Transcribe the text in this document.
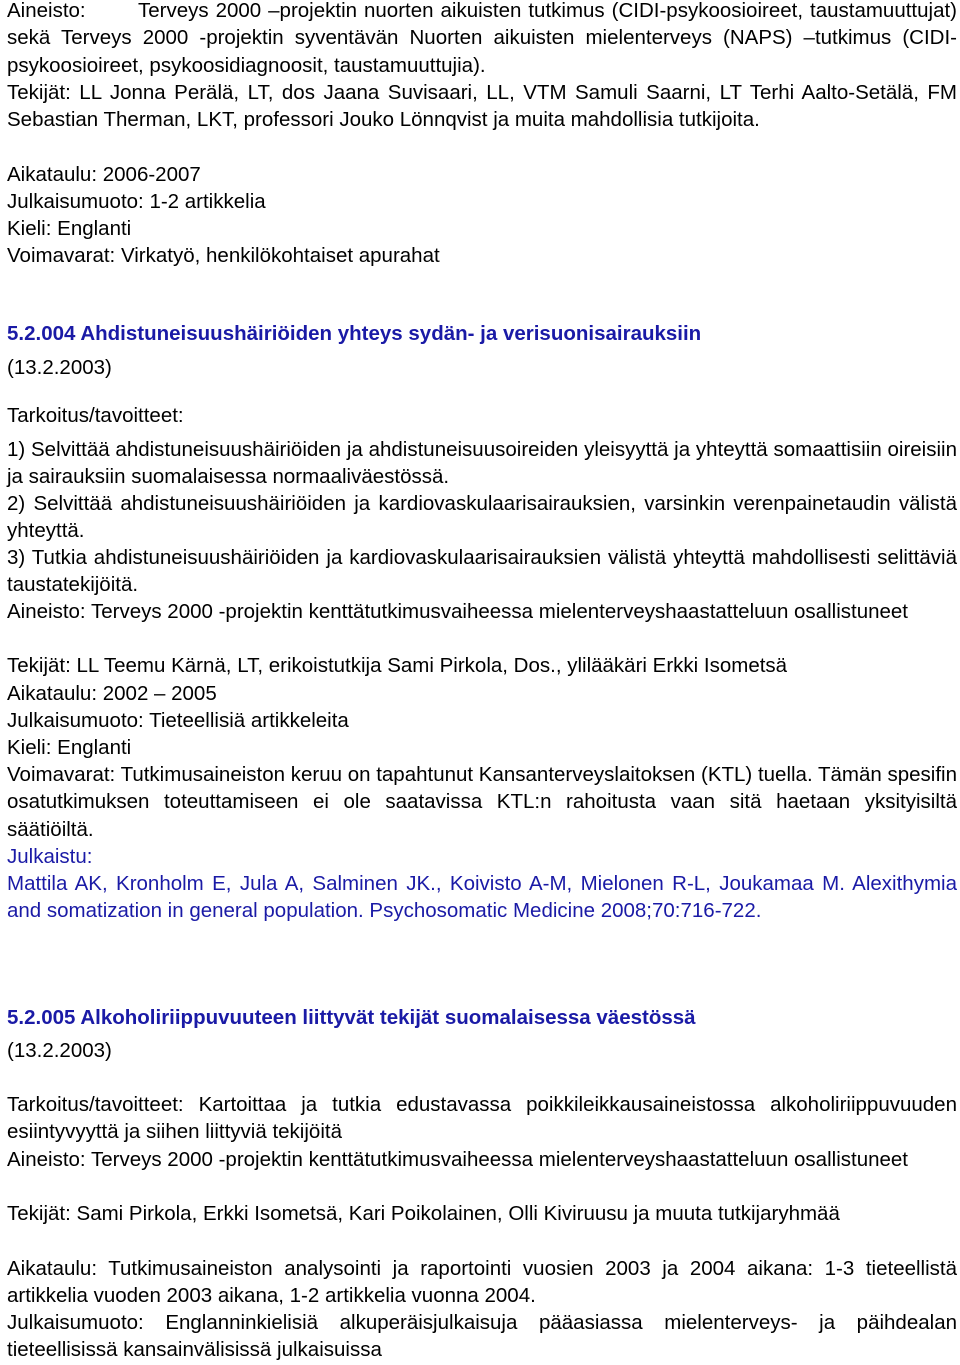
Aineisto:	Terveys 2000 –projektin nuorten aikuisten tutkimus (CIDI-psykoosioireet, taustamuuttujat) sekä Terveys 2000 -projektin syventävän Nuorten aikuisten mielenterveys (NAPS) –tutkimus (CIDI-psykoosioireet, psykoosidiagnoosit, taustamuuttujia).
Tekijät: LL Jonna Perälä, LT, dos Jaana Suvisaari, LL, VTM Samuli Saarni, LT Terhi Aalto-Setälä, FM Sebastian Therman, LKT, professori Jouko Lönnqvist ja muita mahdollisia tutkijoita.
Aikataulu: 2006-2007
Julkaisumuoto: 1-2 artikkelia
Kieli: Englanti
Voimavarat: Virkatyö, henkilökohtaiset apurahat
5.2.004 Ahdistuneisuushäiriöiden yhteys sydän- ja verisuonisairauksiin
(13.2.2003)
Tarkoitus/tavoitteet:
1) Selvittää ahdistuneisuushäiriöiden ja ahdistuneisuusoireiden yleisyyttä ja yhteyttä somaattisiin oireisiin ja sairauksiin suomalaisessa normaaliväestössä.
2) Selvittää ahdistuneisuushäiriöiden ja kardiovaskulaarisairauksien, varsinkin verenpainetaudin välistä yhteyttä.
3) Tutkia ahdistuneisuushäiriöiden ja kardiovaskulaarisairauksien välistä yhteyttä mahdollisesti selittäviä taustatekijöitä.
Aineisto: Terveys 2000 -projektin kenttätutkimusvaiheessa mielenterveyshaastatteluun osallistuneet
Tekijät: LL Teemu Kärnä, LT, erikoistutkija Sami Pirkola, Dos., ylilääkäri Erkki Isometsä
Aikataulu: 2002 – 2005
Julkaisumuoto: Tieteellisiä artikkeleita
Kieli: Englanti
Voimavarat: Tutkimusaineiston keruu on tapahtunut Kansanterveyslaitoksen (KTL) tuella. Tämän spesifin osatutkimuksen toteuttamiseen ei ole saatavissa KTL:n rahoitusta vaan sitä haetaan yksityisiltä säätiöiltä.
Julkaistu:
Mattila AK, Kronholm E, Jula A, Salminen JK., Koivisto A-M, Mielonen R-L, Joukamaa M. Alexithymia and somatization in general population. Psychosomatic Medicine 2008;70:716-722.
5.2.005 Alkoholiriippuvuuteen liittyvät tekijät suomalaisessa väestössä
(13.2.2003)
Tarkoitus/tavoitteet: Kartoittaa ja tutkia edustavassa poikkileikkausaineistossa alkoholiriippuvuuden esiintyvyyttä ja siihen liittyviä tekijöitä
Aineisto: Terveys 2000 -projektin kenttätutkimusvaiheessa mielenterveyshaastatteluun osallistuneet
Tekijät: Sami Pirkola, Erkki Isometsä, Kari Poikolainen, Olli Kiviruusu ja muuta tutkijaryhmää
Aikataulu: Tutkimusaineiston analysointi ja raportointi vuosien 2003 ja 2004 aikana: 1-3 tieteellistä artikkelia vuoden 2003 aikana, 1-2 artikkelia vuonna 2004.
Julkaisumuoto: Englanninkielisiä alkuperäisjulkaisuja pääasiassa mielenterveys- ja päihdealan tieteellisissä kansainvälisissä julkaisuissa
